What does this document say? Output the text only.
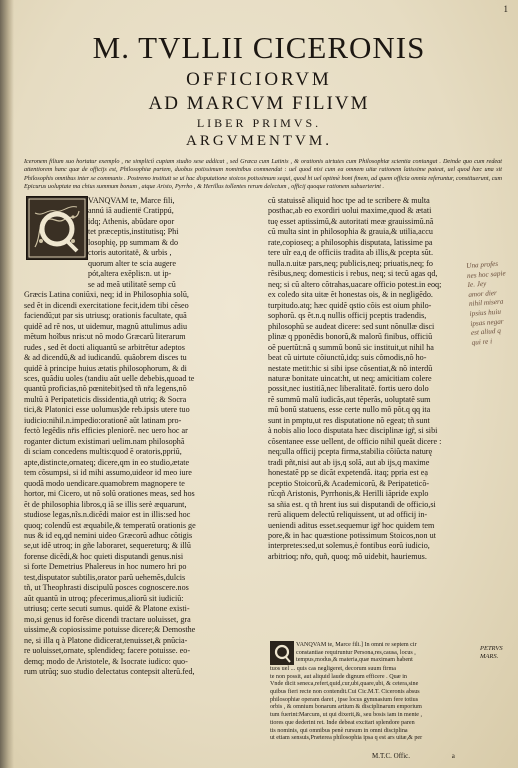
1
M. TVLLII CICERONIS
OFFICIORVM
AD MARCVM FILIVM
LIBER PRIMVS.
ARGVMENTVM.
Iceronem filium suo hortatur exemplo , ne simpliciì cupiam studio sese addicat , sed Græca cum Latinis , & orationis uirtutes cum Philosophiæ scientia coniungat . Deinde quo cum redeat attentiorem hanc quæ de officijs est, Philosophiæ partem, duobus potissimum nominibus commendat : uel quod nisi cum ea omnem uitæ rationem latissime pateat, uel quod hæc una sit Philosophis omnibus inter se communis . Postremo instituit se ui hac disputatione stoicos potissimum sequi, quod hi uel optimè boni finem, ad quem officia omnia referuntur, constituerunt, cum Epicurus uoluptate ma chius summum bonum , atque Aristo, Pyrrho , & Herillus tollentes rerum delectum , officij quoque rationem subuerterint .
VANQVAM te, Marce fili,
annú iã audientë Cratippú,
idq; Athenis, abũdare opor
tet præceptis,institutisq; Phi
losophię, pp summam & do
ctoris autoritatë, & urbis ,
quorum alter te scia augere
pót,altera exẽplis:n. ut ip-
se ad meã utilitatẽ semp cũ
Græcis Latina coniũxi, neq; id in Philosophia solũ,
sed ẽt in dicendi exercitatione fecit,idem tibi cẽseo
faciendũ;ut par sis utriusq; orationis facultate, quã
quidẽ ad rẽ nos, ut uidemur, magnũ attulimus adiu
mẽtum hoĩbus nris:ut nõ modo Græcarũ literarum
rudes , sed ẽt docti aliquantũ se arbitrẽtur adeptos
& ad dicendũ,& ad iudicandũ. quãobrem disces tu
quidẽ à principe huius ætatis philosophorum, & di
sces, quãdiu uoles (tandiu aũt uelle debebis,quoad te
quantũ proficias,nõ pœnitebit)sed tñ nr̃a legens,nõ
multũ à Peripateticis dissidentia,qñ utriq; & Socra
tici,& Platonici esse uolumus)de reb.ipsis utere tuo
iudicio:nihil.n.impedio:orationẽ aũt latinam pro-
fectò legẽdis nr̃is efficies pleniorẽ. nec uero hoc ar
roganter dictum existimari uelim.nam philosophã
di sciam concedens multis:quod ẽ oratoris,ppriũ,
apte,distincte,ornateq; dicere,qm in eo studio,ætate
tem cõsumpsi, si id mihi assumo,uideor id meo iure
quodã modo uendicare.quamobrem magnopere te
hortor, mi Cicero, ut nõ solũ orationes meas, sed hos
ẽt de philosophia libros,q iã se illis serè æquarunt,
studiose legas,nĩs.n.dicẽdi maior est in illis:sed hoc
quoq; colendũ est æquabile,& temperatũ orationis ge
nus & id eq,qd nemini uideo Græcorũ adhuc cõtigis
se,ut idẽ utroq; in gñe laboraret, sequereturq; & illũ
forense dicẽdi,& hoc quieti disputandi genus.nisi
si forte Demetrius Phalereus in hoc numero hri po
test,disputator subtilis,orator parũ uehemẽs,dulcis
tñ, ut Theophrasti discipulũ posces cognoscere.nos
aũt quantũ in utroq; pfecerimus,aliorũ sit iudiciũ:
utriusq; certe secuti sumus. quidẽ & Platone existi-
mo,si genus id forẽse dicendi tractare uoluisset, gra
uissime,& copiosissime potuisse dicere;& Demosthe
ne, si illa q à Platone didicerat,tenuisset,& pnũcia-
re uoluisset,ornate, splendideq; facere potuisse. eo-
demq; modo de Aristotele, & Isocrate iudico: quo-
rum utrũq; suo studio delectatus contepsit alterũ.fed,
cũ statuissẽ aliquid hoc tpe ad te scribere & multa
posthac,ab eo exordiri uolui maxime,quod & ætati
tuę esset aptissimũ,& autoritati meæ grauissimũ.nã
cũ multa sint in philosophia & grauia,& utilia,accu
rate,copioseq; a philosophis disputata, latissime pa
tere uĩr ea,q de officiis tradita ab illis,& pcepta sũt.
nulla.n.uitæ pars,neq; publicis,neq; priuatis,neq; fo
rẽsibus,neq; domesticis i rebus, neq; si tecũ agas qd,
neq; si cũ altero cõtrahas,uacare officio potest.in eoq;
ex coleđo sita uitæ ẽt honestas ois, & in negligẽdo.
turpitudo.atq; hæc quidẽ qstio cõis est oium philo-
sophorũ. qs ẽt.n.q nullis officij pceptis tradendis,
philosophũ se audeat dicere: sed sunt nõnullæ disci
plinæ q pponẽdis bonorũ,& malorũ finibus, officiũ
oẽ puertũt:nã q summũ bonũ sic instituit,ut nihil ha
beat cũ uirtute cõiunctũ,idq; suis cõmodis,nõ ho-
nestate metit:hic si sibi ipse cõsentiat,& nõ interdũ
naturæ bonitate uincat:ht, ut neq; amicitiam colere
possit,nec iustitiã,nec liberalitatẽ. fortis uero dolo
rẽ summũ malũ iudicãs,aut tẽperãs, uoluptatẽ sum
mũ bonũ statuens, esse certe nullo mõ põt.q qq ita
sunt in pmptu,ut res disputatione nõ egeat; tñ sunt
à nobis alio loco disputata hæc disciplinæ igr̃, si sibi
cõsentanee esse uellent, de officio nihil queãt dicere :
neq;ulla officij pcepta firma,stabilia cõiũcta naturę
tradi pñt,nisi aut ab ijs,q solã, aut ab ijs,q maxime
honestatẽ pp se dicãt expetendã. itaq; ppria est eạ
pceptio Stoicorũ,& Academicorũ, & Peripateticõ-
rũ:qñ Aristonis, Pyrrhonis,& Herilli iãpride explo
sa sñia est. q tñ hrent ius sui disputandi de officio,si
rerũ aliquem delectũ reliquissent, ut ad officij in-
ueniendi aditus esset.sequemur igr̃ hoc quidem tem
pore,& in hac quæstione potissimum Stoicos,non ut
interpretes:sed,ut solemus,è fontibus eorũ iudicio,
arbitrioq; nr̃o, quñ, quoq; mõ uidebit, hauriemus.
VANQVAM te, Marce fili.] In omni re septem cir
constantiae requiruntur Persona,res,causa, locus ,
tempus,modus,& materia,quæ maximam habent
tuos uel ... quis cas negligeret, decorum suum firma
te non possit, aut aliquid laude dignum efficere . Quæ in
Vnde dicit seneca,refert,quid,cur,ubi,quare,ubi, & cetera,sine
quibus fieri recte non contendit.Cui Cic.M.T. Ciceronis absus
philosophiæ operam daret , ipse locus gymnasium fere totius
orbis , & omnium bonarum artium & disciplinarum emporium
tum fuerint:Marcum, ut qui dixerit,&, seu bosis iam in mente ,
tiores que dederint ret. Inde debeat excitari splendore paren
tis nominis, qui omnibus penè rursum in omni disciplina
ut etiam sensuis,Præterea philosophia ipsa q est ars uitæ,& per
PETRVS
MARS.
M.T.C. Offic.	a
Una profes
nes hoc sapie
Ie. Jey
amor dier
nihil misera
ipsius huiu
ipsas negar
est aliud q
qui re i
